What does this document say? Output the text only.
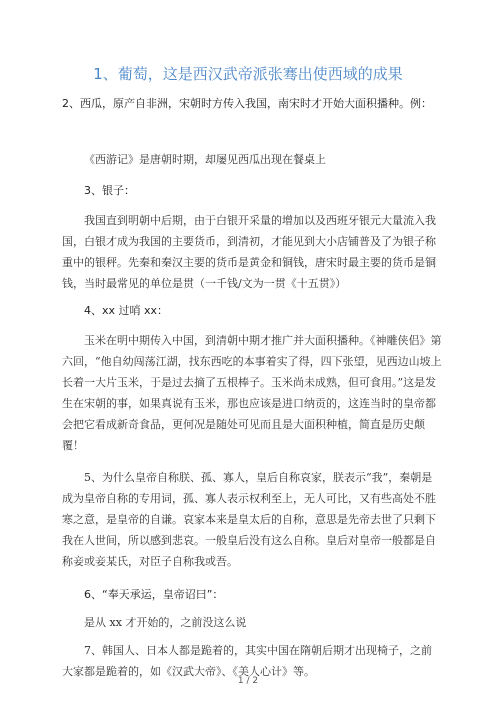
1、葡萄，这是西汉武帝派张骞出使西域的成果

2、西瓜，原产自非洲，宋朝时方传入我国，南宋时才开始大面积播种。例：

《西游记》是唐朝时期，却屡见西瓜出现在餐桌上

3、银子：

我国直到明朝中后期，由于白银开采量的增加以及西班牙银元大量流入我国，白银才成为我国的主要货币，到清初，才能见到大小店铺普及了为银子称重中的银秤。先秦和秦汉主要的货币是黄金和铜钱，唐宋时最主要的货币是铜钱，当时最常见的单位是贯（一千钱/文为一贯《十五贯》）

4、xx 过哨 xx：

玉米在明中期传入中国，到清朝中期才推广并大面积播种。《神雕侠侣》第六回，“他自幼闯荡江湖，找东西吃的本事着实了得，四下张望，见西边山坡上长着一大片玉米，于是过去摘了五根棒子。玉米尚未成熟，但可食用。”这是发生在宋朝的事，如果真说有玉米，那也应该是进口纳贡的，这连当时的皇帝都会把它看成新奇食品，更何况是随处可见而且是大面积种植，简直是历史颠覆！

5、为什么皇帝自称朕、孤、寡人，皇后自称哀家，朕表示“我”，秦朝是成为皇帝自称的专用词，孤、寡人表示权利至上，无人可比，又有些高处不胜寒之意，是皇帝的自谦。哀家本来是皇太后的自称，意思是先帝去世了只剩下我在人世间，所以感到悲哀。一般皇后没有这么自称。皇后对皇帝一般都是自称妾或妾某氏，对臣子自称我或吾。

6、“奉天承运，皇帝诏曰”：

是从 xx 才开始的，之前没这么说

7、韩国人、日本人都是跪着的，其实中国在隋朝后期才出现椅子，之前大家都是跪着的，如《汉武大帝》、《美人心计》等。

1 / 2
